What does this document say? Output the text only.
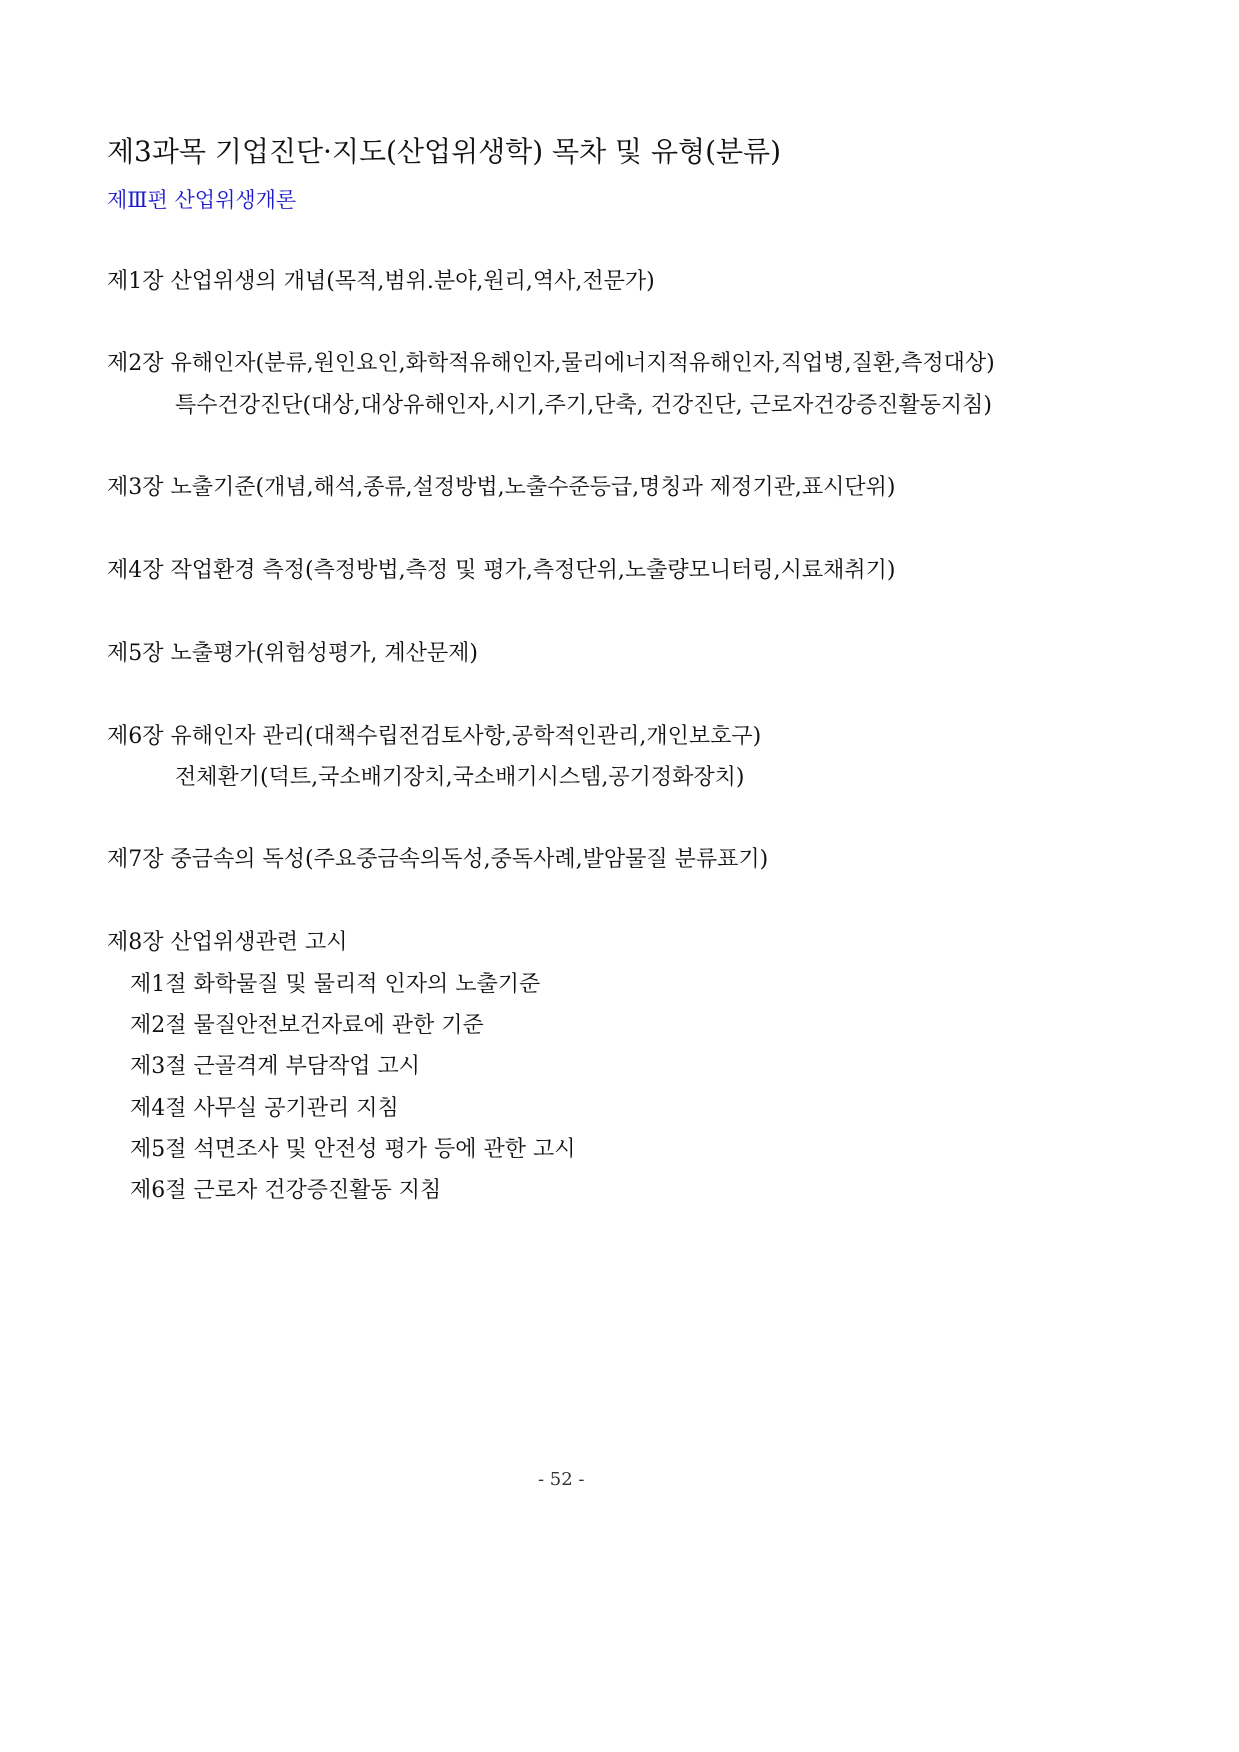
제3과목 기업진단·지도(산업위생학) 목차 및 유형(분류)
제Ⅲ편 산업위생개론
제1장 산업위생의 개념(목적,범위.분야,원리,역사,전문가)
제2장 유해인자(분류,원인요인,화학적유해인자,물리에너지적유해인자,직업병,질환,측정대상)
특수건강진단(대상,대상유해인자,시기,주기,단축, 건강진단, 근로자건강증진활동지침)
제3장 노출기준(개념,해석,종류,설정방법,노출수준등급,명칭과 제정기관,표시단위)
제4장 작업환경 측정(측정방법,측정 및 평가,측정단위,노출량모니터링,시료채취기)
제5장 노출평가(위험성평가, 계산문제)
제6장 유해인자 관리(대책수립전검토사항,공학적인관리,개인보호구)
전체환기(덕트,국소배기장치,국소배기시스템,공기정화장치)
제7장 중금속의 독성(주요중금속의독성,중독사례,발암물질 분류표기)
제8장 산업위생관련 고시
제1절 화학물질 및 물리적 인자의 노출기준
제2절 물질안전보건자료에 관한 기준
제3절 근골격계 부담작업 고시
제4절 사무실 공기관리 지침
제5절 석면조사 및 안전성 평가 등에 관한 고시
제6절 근로자 건강증진활동 지침
- 52 -
